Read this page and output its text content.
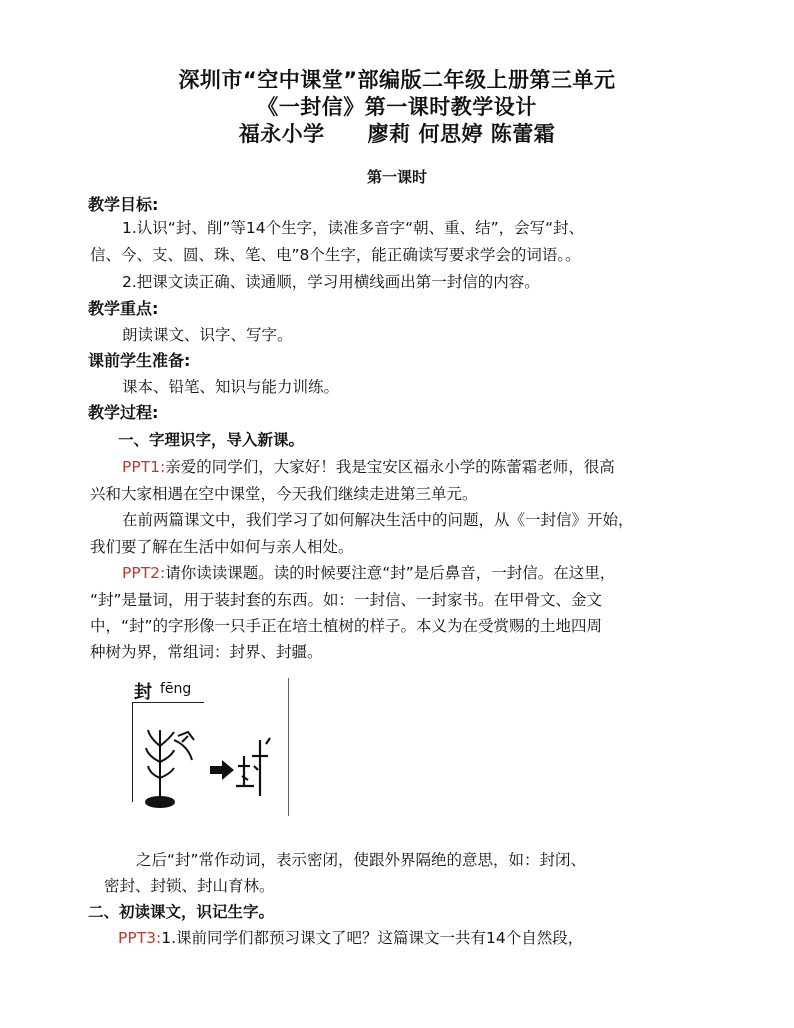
深圳市“空中课堂”部编版二年级上册第三单元
《一封信》第一课时教学设计
福永小学　　廖莉 何思婷 陈蕾霜
第一课时
教学目标:
1.认识“封、削”等14个生字，读准多音字“朝、重、结”，会写“封、
信、今、支、圆、珠、笔、电”8个生字，能正确读写要求学会的词语。。
2.把课文读正确、读通顺，学习用横线画出第一封信的内容。
教学重点:
朗读课文、识字、写字。
课前学生准备:
课本、铅笔、知识与能力训练。
教学过程:
一、字理识字，导入新课。
PPT1:亲爱的同学们，大家好！我是宝安区福永小学的陈蕾霜老师，很高
兴和大家相遇在空中课堂，今天我们继续走进第三单元。
在前两篇课文中，我们学习了如何解决生活中的问题，从《一封信》开始，
我们要了解在生活中如何与亲人相处。
PPT2:请你读读课题。读的时候要注意“封”是后鼻音，一封信。在这里，
“封”是量词，用于装封套的东西。如：一封信、一封家书。在甲骨文、金文
中，“封”的字形像一只手正在培土植树的样子。本义为在受赏赐的土地四周
种树为界，常组词：封界、封疆。
封 fēng
之后“封”常作动词，表示密闭，使跟外界隔绝的意思，如：封闭、
密封、封锁、封山育林。
二、初读课文，识记生字。
PPT3:1.课前同学们都预习课文了吧？这篇课文一共有14个自然段，
